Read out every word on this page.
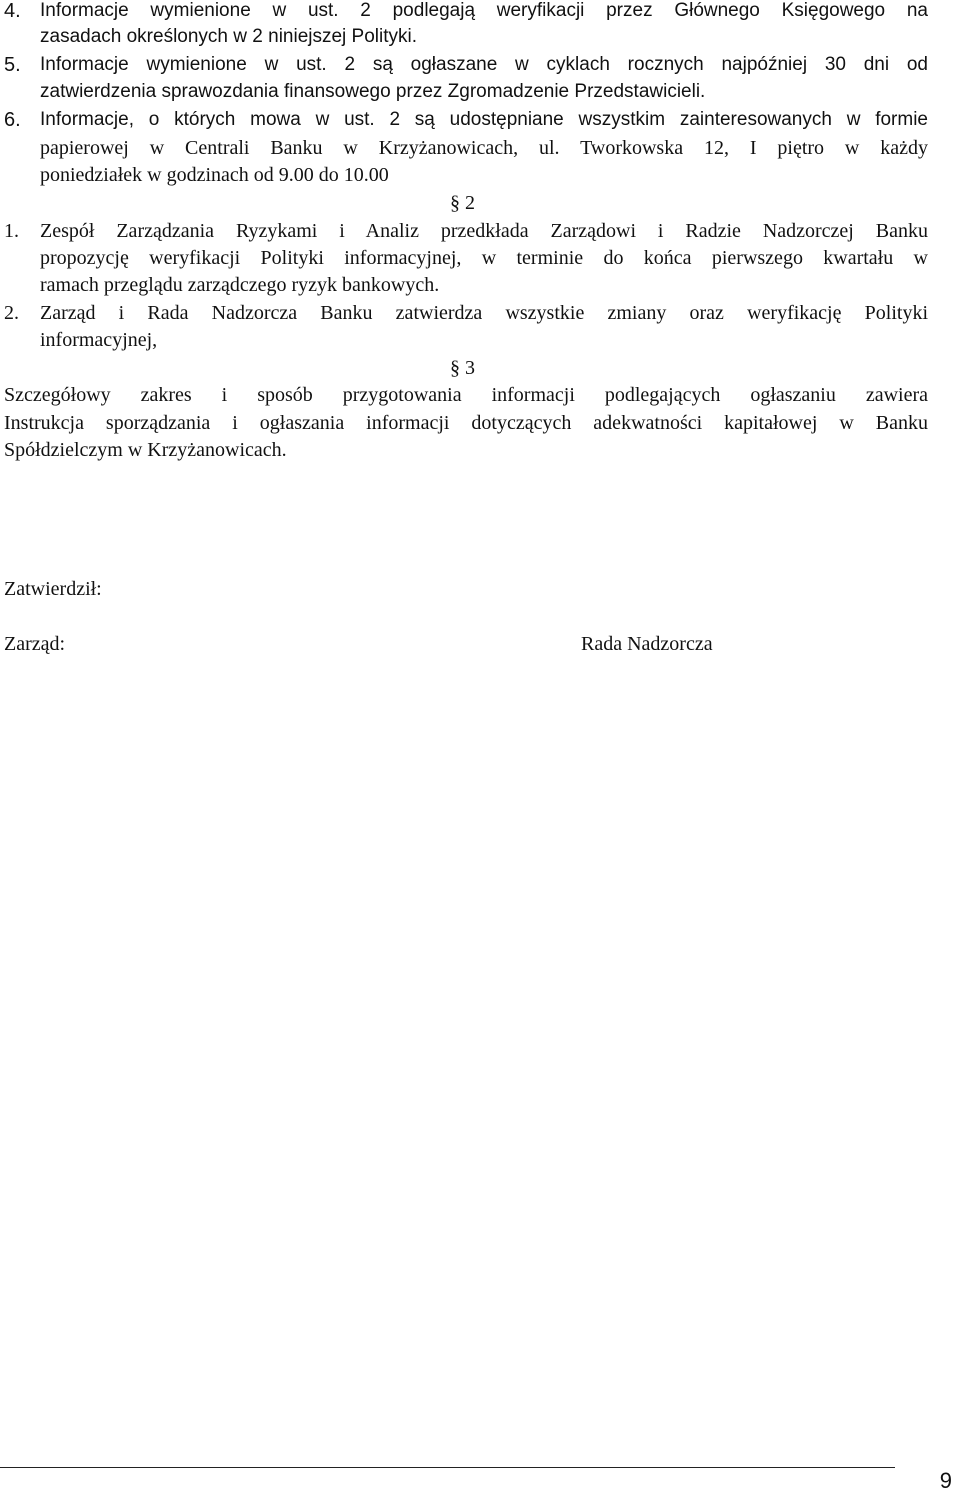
4. Informacje wymienione w ust. 2 podlegają weryfikacji przez Głównego Księgowego na
zasadach określonych w 2 niniejszej Polityki.
5. Informacje wymienione w ust. 2 są ogłaszane w cyklach rocznych najpóźniej 30 dni od
zatwierdzenia sprawozdania finansowego przez Zgromadzenie Przedstawicieli.
6. Informacje, o których mowa w ust. 2 są udostępniane wszystkim zainteresowanych w formie
papierowej w Centrali Banku w Krzyżanowicach, ul. Tworkowska 12, I piętro w każdy
poniedziałek w godzinach od 9.00 do 10.00
§ 2
1. Zespół Zarządzania Ryzykami i Analiz przedkłada Zarządowi i Radzie Nadzorczej Banku
propozycję weryfikacji Polityki informacyjnej, w terminie do końca pierwszego kwartału w
ramach przeglądu zarządczego ryzyk bankowych.
2. Zarząd i Rada Nadzorcza Banku zatwierdza wszystkie zmiany oraz weryfikację Polityki
informacyjnej,
§ 3
Szczegółowy zakres i sposób przygotowania informacji podlegających ogłaszaniu zawiera
Instrukcja sporządzania i ogłaszania informacji dotyczących adekwatności kapitałowej w Banku
Spółdzielczym w Krzyżanowicach.
Zatwierdził:
Zarząd:	Rada Nadzorcza
9
